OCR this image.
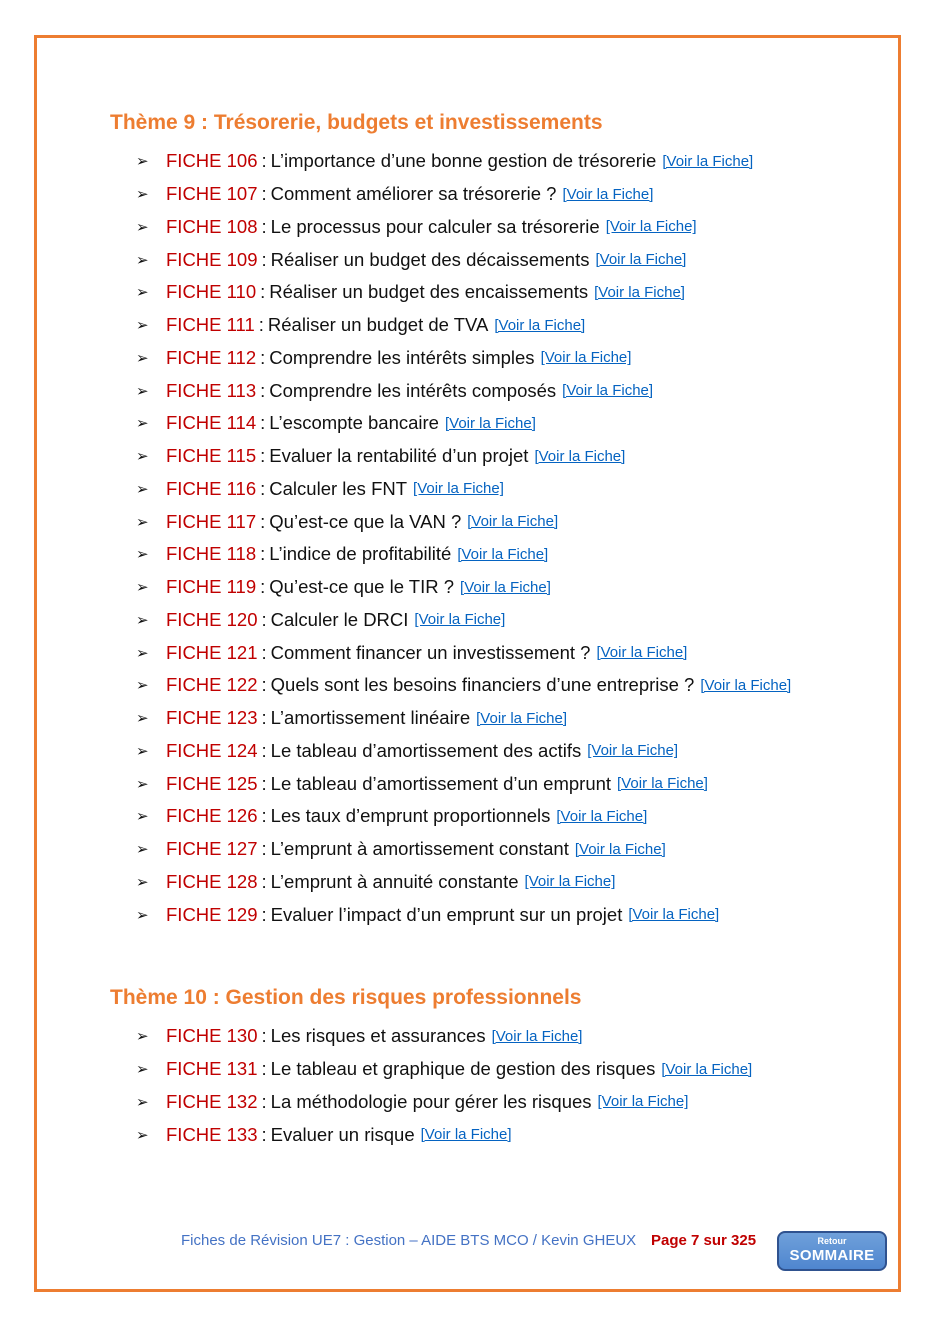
Thème 9 : Trésorerie, budgets et investissements
➢ FICHE 106 : L’importance d’une bonne gestion de trésorerie [Voir la Fiche]
➢ FICHE 107 : Comment améliorer sa trésorerie ? [Voir la Fiche]
➢ FICHE 108 : Le processus pour calculer sa trésorerie [Voir la Fiche]
➢ FICHE 109 : Réaliser un budget des décaissements [Voir la Fiche]
➢ FICHE 110 : Réaliser un budget des encaissements [Voir la Fiche]
➢ FICHE 111 : Réaliser un budget de TVA [Voir la Fiche]
➢ FICHE 112 : Comprendre les intérêts simples [Voir la Fiche]
➢ FICHE 113 : Comprendre les intérêts composés [Voir la Fiche]
➢ FICHE 114 : L’escompte bancaire [Voir la Fiche]
➢ FICHE 115 : Evaluer la rentabilité d’un projet [Voir la Fiche]
➢ FICHE 116 : Calculer les FNT [Voir la Fiche]
➢ FICHE 117 : Qu’est-ce que la VAN ? [Voir la Fiche]
➢ FICHE 118 : L’indice de profitabilité [Voir la Fiche]
➢ FICHE 119 : Qu’est-ce que le TIR ? [Voir la Fiche]
➢ FICHE 120 : Calculer le DRCI [Voir la Fiche]
➢ FICHE 121 : Comment financer un investissement ? [Voir la Fiche]
➢ FICHE 122 : Quels sont les besoins financiers d’une entreprise ? [Voir la Fiche]
➢ FICHE 123 : L’amortissement linéaire [Voir la Fiche]
➢ FICHE 124 : Le tableau d’amortissement des actifs [Voir la Fiche]
➢ FICHE 125 : Le tableau d’amortissement d’un emprunt [Voir la Fiche]
➢ FICHE 126 : Les taux d’emprunt proportionnels [Voir la Fiche]
➢ FICHE 127 : L’emprunt à amortissement constant [Voir la Fiche]
➢ FICHE 128 : L’emprunt à annuité constante [Voir la Fiche]
➢ FICHE 129 : Evaluer l’impact d’un emprunt sur un projet [Voir la Fiche]
Thème 10 : Gestion des risques professionnels
➢ FICHE 130 : Les risques et assurances [Voir la Fiche]
➢ FICHE 131 : Le tableau et graphique de gestion des risques [Voir la Fiche]
➢ FICHE 132 : La méthodologie pour gérer les risques [Voir la Fiche]
➢ FICHE 133 : Evaluer un risque [Voir la Fiche]
Fiches de Révision UE7 : Gestion – AIDE BTS MCO / Kevin GHEUX Page 7 sur 325	Retour
SOMMAIRE
